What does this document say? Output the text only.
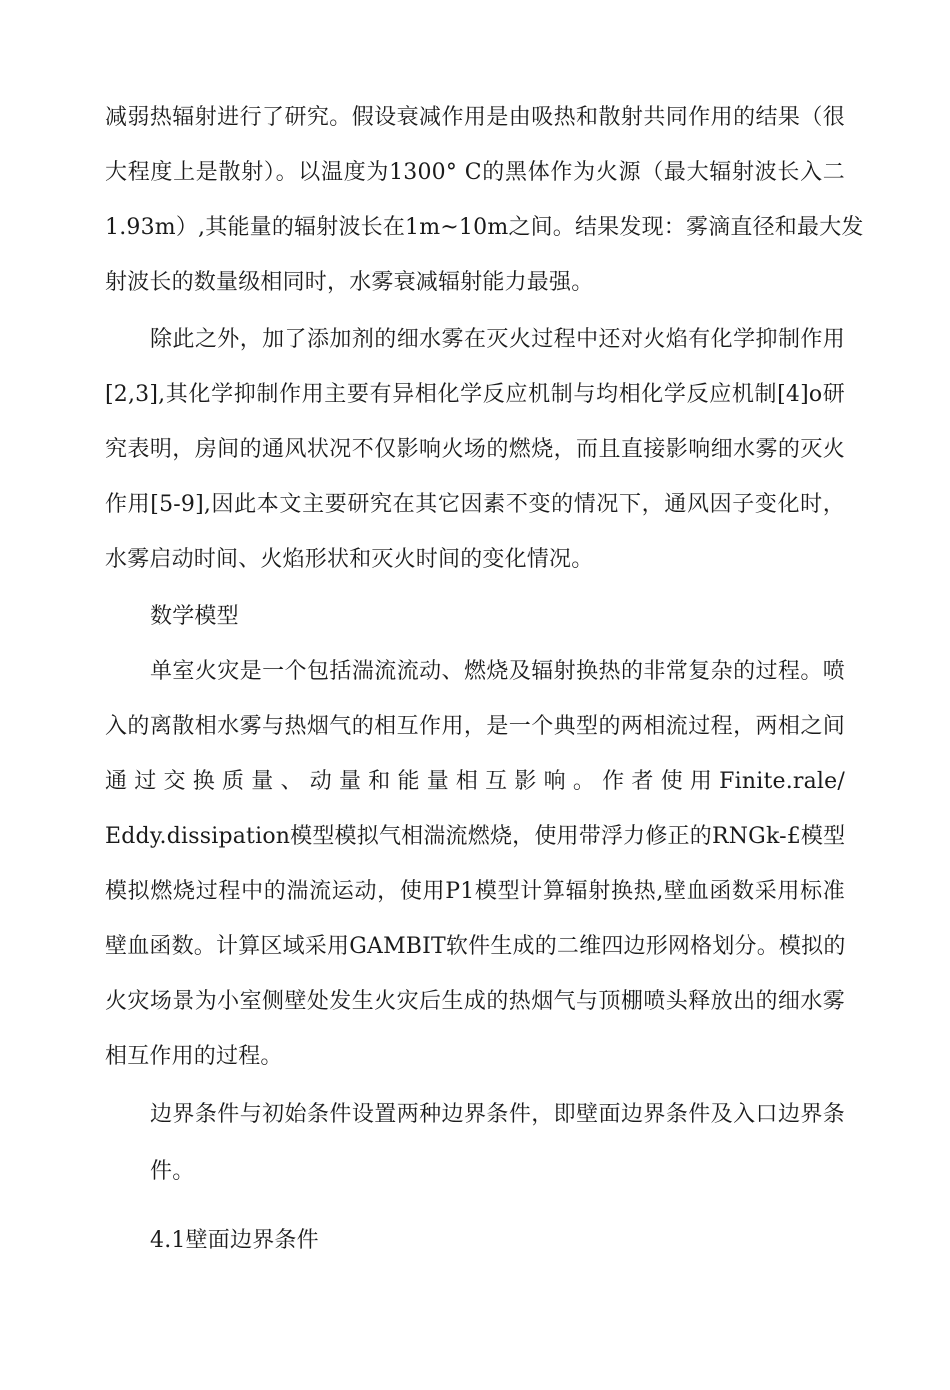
减弱热辐射进行了研究。假设衰减作用是由吸热和散射共同作用的结果（很
大程度上是散射）。以温度为1300° C的黑体作为火源（最大辐射波长入二
1.93m）,其能量的辐射波长在1m~10m之间。结果发现：雾滴直径和最大发
射波长的数量级相同时，水雾衰减辐射能力最强。
除此之外，加了添加剂的细水雾在灭火过程中还对火焰有化学抑制作用
[2,3],其化学抑制作用主要有异相化学反应机制与均相化学反应机制[4]o研
究表明，房间的通风状况不仅影响火场的燃烧，而且直接影响细水雾的灭火
作用[5-9],因此本文主要研究在其它因素不变的情况下，通风因子变化时，
水雾启动时间、火焰形状和灭火时间的变化情况。
数学模型
单室火灾是一个包括湍流流动、燃烧及辐射换热的非常复杂的过程。喷
入的离散相水雾与热烟气的相互作用，是一个典型的两相流过程，两相之间
通过交换质量、动量和能量相互影响。作者使用Finite.rale/
Eddy.dissipation模型模拟气相湍流燃烧，使用带浮力修正的RNGk-£模型
模拟燃烧过程中的湍流运动，使用P1模型计算辐射换热,壁血函数采用标准
壁血函数。计算区域采用GAMBIT软件生成的二维四边形网格划分。模拟的
火灾场景为小室侧壁处发生火灾后生成的热烟气与顶棚喷头释放出的细水雾
相互作用的过程。
边界条件与初始条件设置两种边界条件，即壁面边界条件及入口边界条
件。
4.1壁面边界条件
